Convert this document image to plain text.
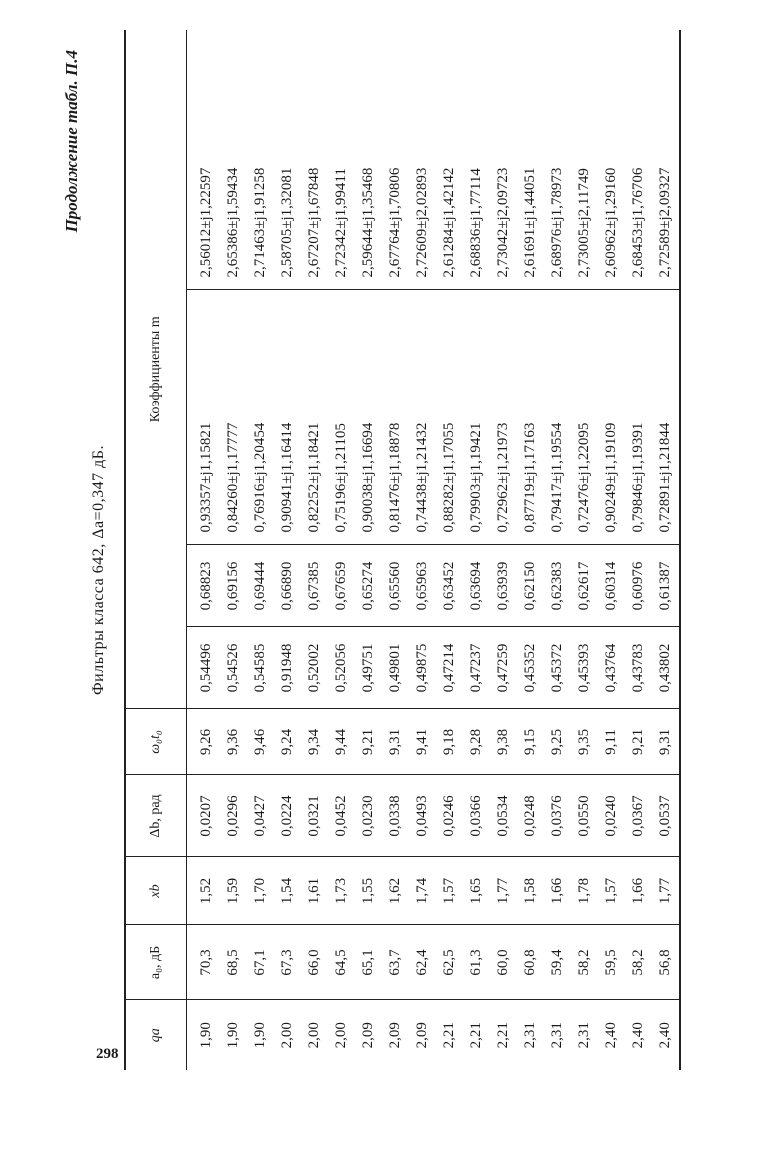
298
Продолжение табл. П.4
Фильтры класса 642, Δa=0,347 дБ.
qa	a₀, дБ	xb	Δb, рад	ω₀t₀	Коэффициенты m			
1,90	70,3	1,52	0,0207	9,26	0,54496	0,68823	0,93357±j1,15821	2,56012±j1,22597
1,90	68,5	1,59	0,0296	9,36	0,54526	0,69156	0,84260±j1,17777	2,65386±j1,59434
1,90	67,1	1,70	0,0427	9,46	0,54585	0,69444	0,76916±j1,20454	2,71463±j1,91258
2,00	67,3	1,54	0,0224	9,24	0,91948	0,66890	0,90941±j1,16414	2,58705±j1,32081
2,00	66,0	1,61	0,0321	9,34	0,52002	0,67385	0,82252±j1,18421	2,67207±j1,67848
2,00	64,5	1,73	0,0452	9,44	0,52056	0,67659	0,75196±j1,21105	2,72342±j1,99411
2,09	65,1	1,55	0,0230	9,21	0,49751	0,65274	0,90038±j1,16694	2,59644±j1,35468
2,09	63,7	1,62	0,0338	9,31	0,49801	0,65560	0,81476±j1,18878	2,67764±j1,70806
2,09	62,4	1,74	0,0493	9,41	0,49875	0,65963	0,74438±j1,21432	2,72609±j2,02893
2,21	62,5	1,57	0,0246	9,18	0,47214	0,63452	0,88282±j1,17055	2,61284±j1,42142
2,21	61,3	1,65	0,0366	9,28	0,47237	0,63694	0,79903±j1,19421	2,68836±j1,77114
2,21	60,0	1,77	0,0534	9,38	0,47259	0,63939	0,72962±j1,21973	2,73042±j2,09723
2,31	60,8	1,58	0,0248	9,15	0,45352	0,62150	0,87719±j1,17163	2,61691±j1,44051
2,31	59,4	1,66	0,0376	9,25	0,45372	0,62383	0,79417±j1,19554	2,68976±j1,78973
2,31	58,2	1,78	0,0550	9,35	0,45393	0,62617	0,72476±j1,22095	2,73005±j2,11749
2,40	59,5	1,57	0,0240	9,11	0,43764	0,60314	0,90249±j1,19109	2,60962±j1,29160
2,40	58,2	1,66	0,0367	9,21	0,43783	0,60976	0,79846±j1,19391	2,68453±j1,76706
2,40	56,8	1,77	0,0537	9,31	0,43802	0,61387	0,72891±j1,21844	2,72589±j2,09327
